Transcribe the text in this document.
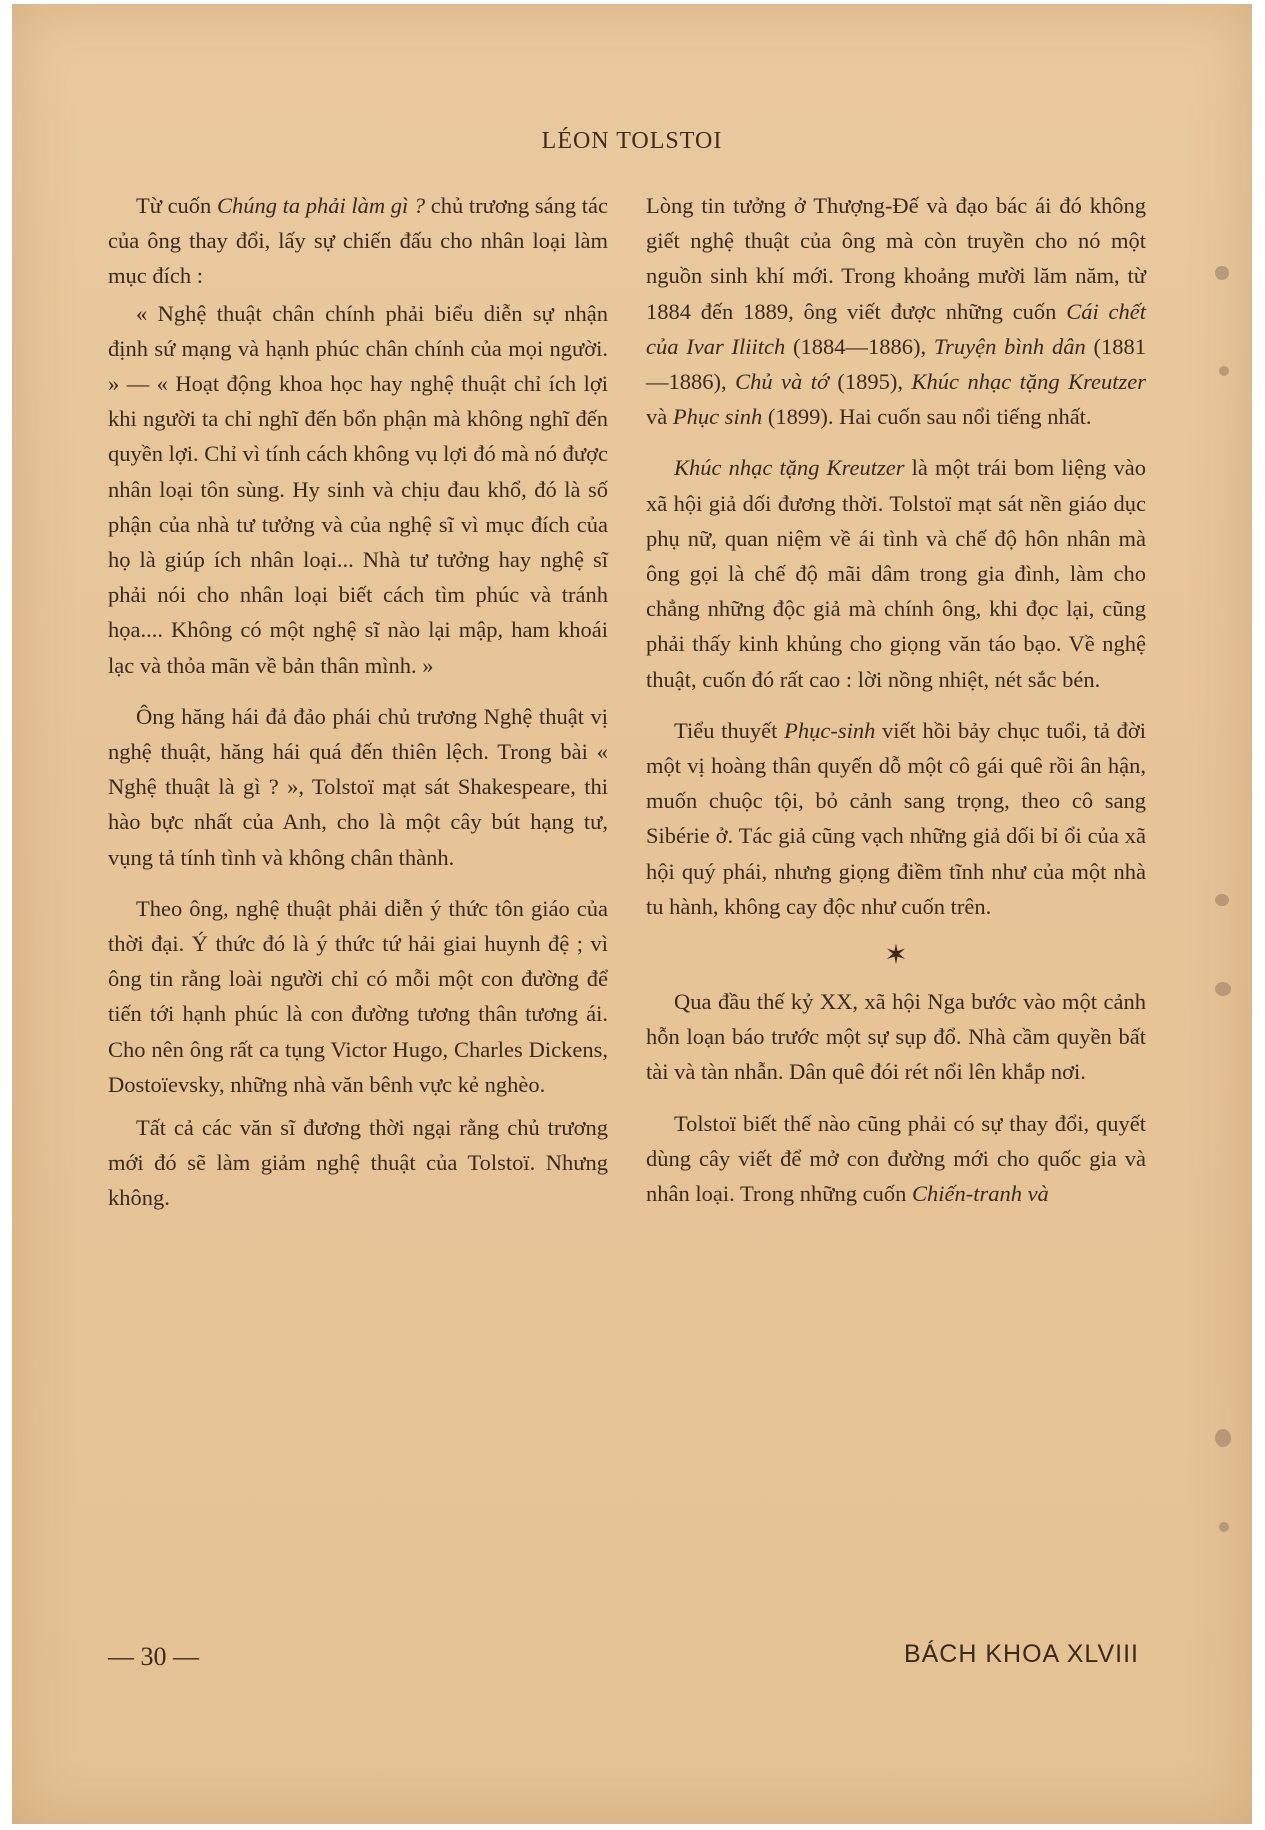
LÉON TOLSTOI

Từ cuốn Chúng ta phải làm gì ? chủ trương sáng tác của ông thay đổi, lấy sự chiến đấu cho nhân loại làm mục đích :

« Nghệ thuật chân chính phải biểu diễn sự nhận định sứ mạng và hạnh phúc chân chính của mọi người. » — « Hoạt động khoa học hay nghệ thuật chỉ ích lợi khi người ta chỉ nghĩ đến bổn phận mà không nghĩ đến quyền lợi. Chỉ vì tính cách không vụ lợi đó mà nó được nhân loại tôn sùng. Hy sinh và chịu đau khổ, đó là số phận của nhà tư tưởng và của nghệ sĩ vì mục đích của họ là giúp ích nhân loại... Nhà tư tưởng hay nghệ sĩ phải nói cho nhân loại biết cách tìm phúc và tránh họa.... Không có một nghệ sĩ nào lại mập, ham khoái lạc và thỏa mãn về bản thân mình. »

Ông hăng hái đả đảo phái chủ trương Nghệ thuật vị nghệ thuật, hăng hái quá đến thiên lệch. Trong bài « Nghệ thuật là gì ? », Tolstoï mạt sát Shakespeare, thi hào bực nhất của Anh, cho là một cây bút hạng tư, vụng tả tính tình và không chân thành.

Theo ông, nghệ thuật phải diễn ý thức tôn giáo của thời đại. Ý thức đó là ý thức tứ hải giai huynh đệ ; vì ông tin rằng loài người chỉ có mỗi một con đường để tiến tới hạnh phúc là con đường tương thân tương ái. Cho nên ông rất ca tụng Victor Hugo, Charles Dickens, Dostoïevsky, những nhà văn bênh vực kẻ nghèo.

Tất cả các văn sĩ đương thời ngại rằng chủ trương mới đó sẽ làm giảm nghệ thuật của Tolstoï. Nhưng không.

Lòng tin tưởng ở Thượng-Đế và đạo bác ái đó không giết nghệ thuật của ông mà còn truyền cho nó một nguồn sinh khí mới. Trong khoảng mười lăm năm, từ 1884 đến 1889, ông viết được những cuốn Cái chết của Ivar Iliitch (1884—1886), Truyện bình dân (1881—1886), Chủ và tớ (1895), Khúc nhạc tặng Kreutzer và Phục sinh (1899). Hai cuốn sau nổi tiếng nhất.

Khúc nhạc tặng Kreutzer là một trái bom liệng vào xã hội giả dối đương thời. Tolstoï mạt sát nền giáo dục phụ nữ, quan niệm về ái tình và chế độ hôn nhân mà ông gọi là chế độ mãi dâm trong gia đình, làm cho chẳng những độc giả mà chính ông, khi đọc lại, cũng phải thấy kinh khủng cho giọng văn táo bạo. Về nghệ thuật, cuốn đó rất cao : lời nồng nhiệt, nét sắc bén.

Tiểu thuyết Phục-sinh viết hồi bảy chục tuổi, tả đời một vị hoàng thân quyến dỗ một cô gái quê rồi ân hận, muốn chuộc tội, bỏ cảnh sang trọng, theo cô sang Sibérie ở. Tác giả cũng vạch những giả dối bỉ ổi của xã hội quý phái, nhưng giọng điềm tĩnh như của một nhà tu hành, không cay độc như cuốn trên.

✶

Qua đầu thế kỷ XX, xã hội Nga bước vào một cảnh hỗn loạn báo trước một sự sụp đổ. Nhà cầm quyền bất tài và tàn nhẫn. Dân quê đói rét nổi lên khắp nơi.

Tolstoï biết thế nào cũng phải có sự thay đổi, quyết dùng cây viết để mở con đường mới cho quốc gia và nhân loại. Trong những cuốn Chiến-tranh và

— 30 —	BÁCH KHOA XLVIII
